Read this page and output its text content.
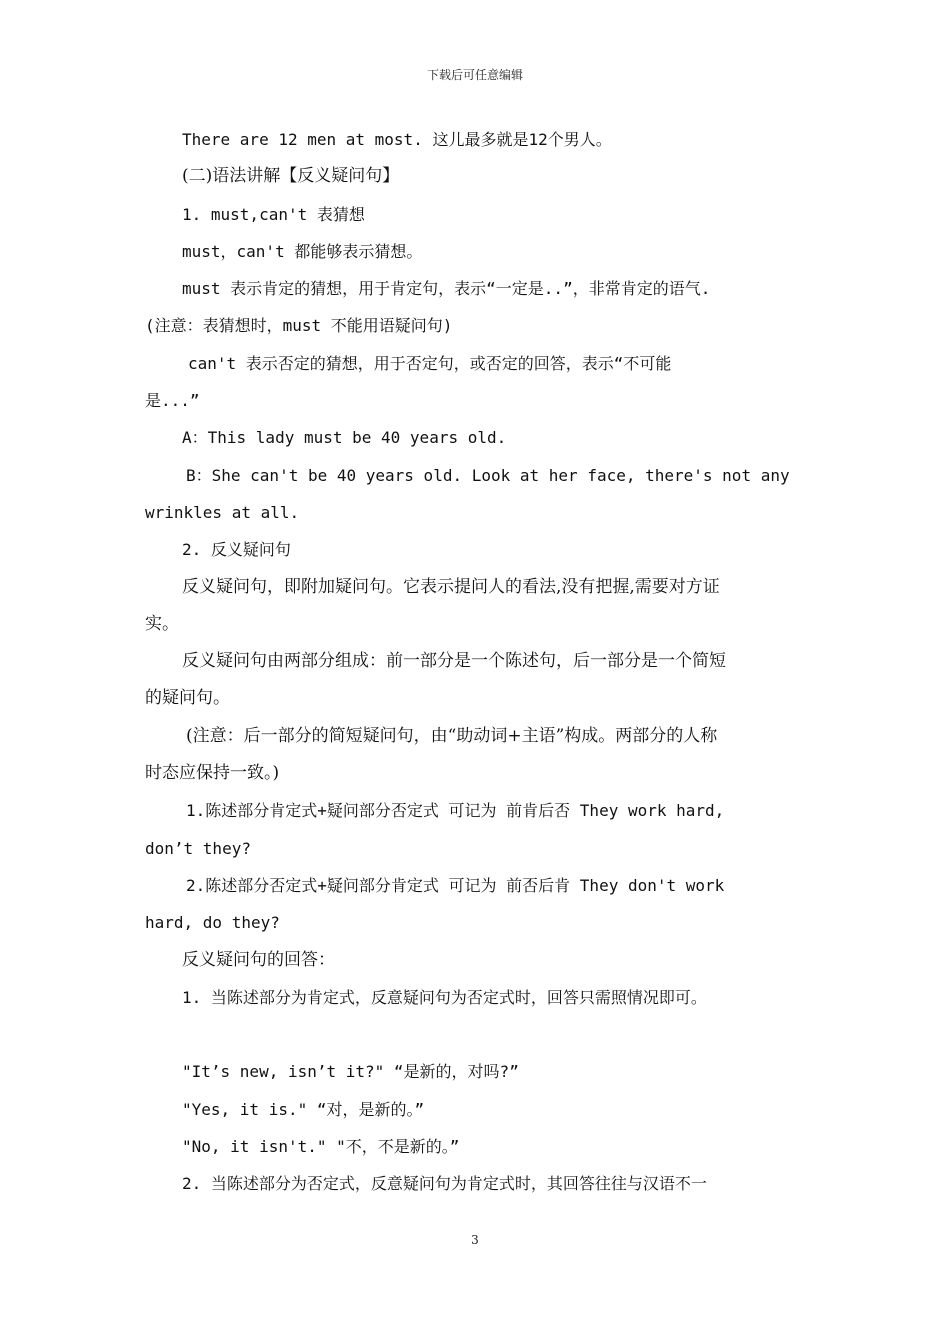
下载后可任意编辑
There are 12 men at most. 这儿最多就是12个男人。
(二)语法讲解【反义疑问句】
1. must,can't 表猜想
must，can't 都能够表示猜想。
must 表示肯定的猜想，用于肯定句，表示“一定是..”，非常肯定的语气.
(注意：表猜想时，must 不能用语疑问句)
can't 表示否定的猜想，用于否定句，或否定的回答，表示“不可能
是...”
A：This lady must be 40 years old.
B：She can't be 40 years old. Look at her face, there's not any
wrinkles at all.
2. 反义疑问句
反义疑问句，即附加疑问句。它表示提问人的看法,没有把握,需要对方证
实。
反义疑问句由两部分组成：前一部分是一个陈述句，后一部分是一个简短
的疑问句。
(注意：后一部分的简短疑问句，由“助动词+主语”构成。两部分的人称
时态应保持一致。)
1.陈述部分肯定式+疑问部分否定式 可记为 前肯后否 They work hard,
don’t they?
2.陈述部分否定式+疑问部分肯定式 可记为 前否后肯 They don't work
hard, do they?
反义疑问句的回答：
1. 当陈述部分为肯定式，反意疑问句为否定式时，回答只需照情况即可。
"It’s new, isn’t it?" “是新的，对吗?”
"Yes, it is." “对，是新的。”
"No, it isn't." "不，不是新的。”
2. 当陈述部分为否定式，反意疑问句为肯定式时，其回答往往与汉语不一
3
